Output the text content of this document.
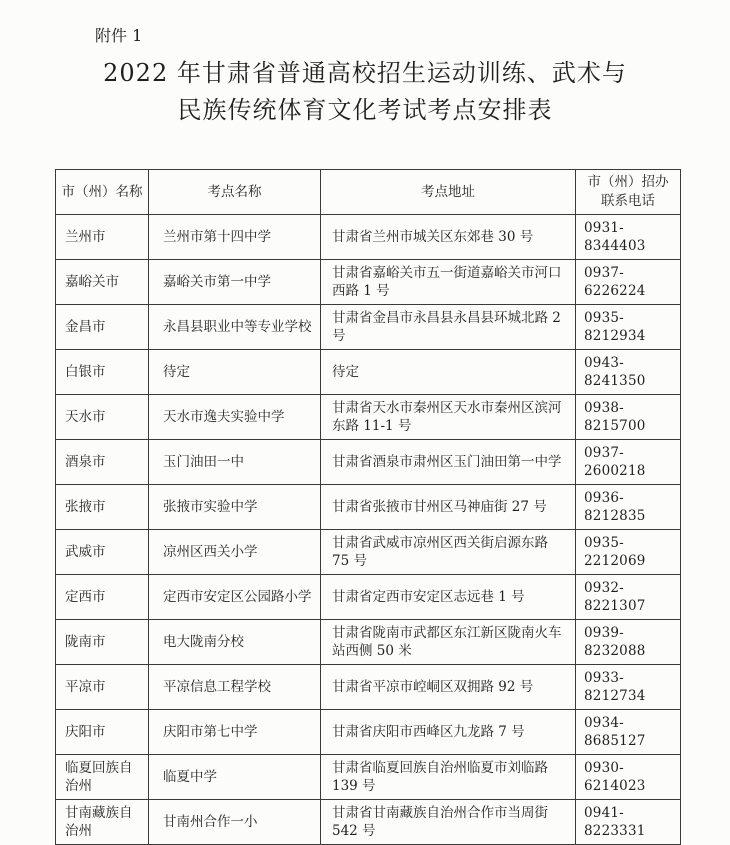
附件 1
2022 年甘肃省普通高校招生运动训练、武术与
民族传统体育文化考试考点安排表
市（州）名称	考点名称	考点地址	市（州）招办联系电话
兰州市	兰州市第十四中学	甘肃省兰州市城关区东郊巷 30 号	0931-8344403
嘉峪关市	嘉峪关市第一中学	甘肃省嘉峪关市五一街道嘉峪关市河口西路 1 号	0937-6226224
金昌市	永昌县职业中等专业学校	甘肃省金昌市永昌县永昌县环城北路 2 号	0935-8212934
白银市	待定	待定	0943-8241350
天水市	天水市逸夫实验中学	甘肃省天水市秦州区天水市秦州区滨河东路 11-1 号	0938-8215700
酒泉市	玉门油田一中	甘肃省酒泉市肃州区玉门油田第一中学	0937-2600218
张掖市	张掖市实验中学	甘肃省张掖市甘州区马神庙街 27 号	0936-8212835
武威市	凉州区西关小学	甘肃省武威市凉州区西关街启源东路 75 号	0935-2212069
定西市	定西市安定区公园路小学	甘肃省定西市安定区志远巷 1 号	0932-8221307
陇南市	电大陇南分校	甘肃省陇南市武都区东江新区陇南火车站西侧 50 米	0939-8232088
平凉市	平凉信息工程学校	甘肃省平凉市崆峒区双拥路 92 号	0933-8212734
庆阳市	庆阳市第七中学	甘肃省庆阳市西峰区九龙路 7 号	0934-8685127
临夏回族自治州	临夏中学	甘肃省临夏回族自治州临夏市刘临路 139 号	0930-6214023
甘南藏族自治州	甘南州合作一小	甘肃省甘南藏族自治州合作市当周街 542 号	0941-8223331
